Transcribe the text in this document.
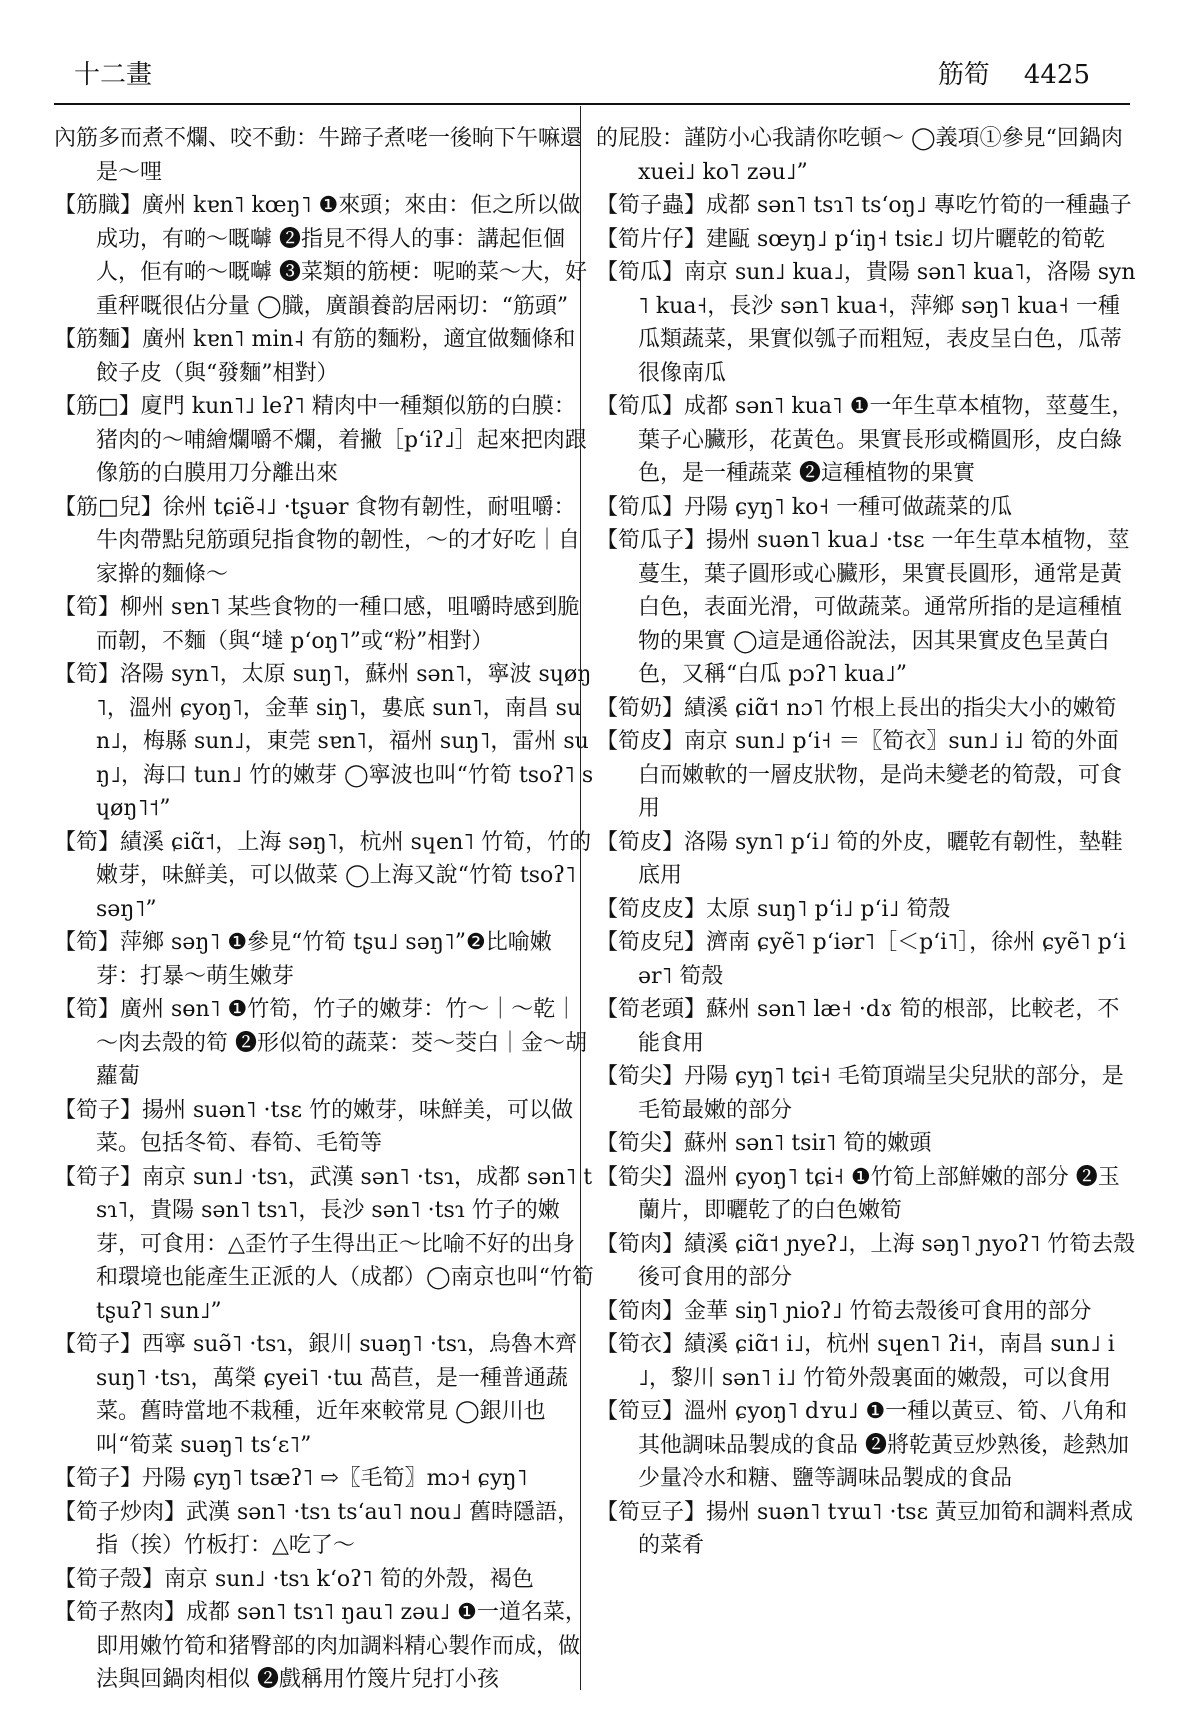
十二畫	筋筍 4425

內筋多而煮不爛、咬不動：牛蹄子煮咾一後晌下午嘛還是～哩

【筋膱】廣州 kɐn˥ kœŋ˥ ❶來頭；來由：佢之所以做成功，有啲～嘅嚹 ❷指見不得人的事：講起佢個人，佢有啲～嘅嚹 ❸菜類的筋梗：呢啲菜～大，好重秤嘅很佔分量 ◯膱，廣韻養韵居兩切：“筋頭”

【筋麵】廣州 kɐn˥ min˨ 有筋的麵粉，適宜做麵條和餃子皮（與“發麵”相對）

【筋□】廈門 kun˥˩ leʔ˥ 精肉中一種類似筋的白膜：猪肉的～哺繪爛嚼不爛，着撇［pʻiʔ˩］起來把肉跟像筋的白膜用刀分離出來

【筋□兒】徐州 tɕiẽ˨˩ ·tʂuər 食物有韌性，耐咀嚼：牛肉帶點兒筋頭兒指食物的韌性，～的才好吃｜自家擀的麵條～

【筍】柳州 sɐn˥ 某些食物的一種口感，咀嚼時感到脆而韌，不麵（與“墶 pʻoŋ˥”或“粉”相對）

【筍】洛陽 syn˥，太原 suŋ˥，蘇州 sən˥，寧波 sɥøŋ˥，溫州 ɕyoŋ˥，金華 siŋ˥，婁底 sun˥，南昌 sun˩，梅縣 sun˩，東莞 sɐn˥，福州 suŋ˥，雷州 suŋ˩，海口 tun˩ 竹的嫩芽 ◯寧波也叫“竹筍 tsoʔ˥ sɥøŋ˥˦”

【筍】績溪 ɕiɑ̃˦，上海 səŋ˥，杭州 sɥen˥ 竹筍，竹的嫩芽，味鮮美，可以做菜 ◯上海又說“竹筍 tsoʔ˥ səŋ˥”

【筍】萍鄉 səŋ˥ ❶參見“竹筍 tʂu˩ səŋ˥”❷比喻嫩芽：打暴～萌生嫩芽

【筍】廣州 sɵn˥ ❶竹筍，竹子的嫩芽：竹～｜～乾｜～肉去殼的筍 ❷形似筍的蔬菜：茭～茭白｜金～胡蘿蔔

【筍子】揚州 suən˥ ·tsɛ 竹的嫩芽，味鮮美，可以做菜。包括冬筍、春筍、毛筍等

【筍子】南京 sun˩ ·tsɿ，武漢 sən˥ ·tsɿ，成都 sən˥ tsɿ˥，貴陽 sən˥ tsɿ˥，長沙 sən˥ ·tsɿ 竹子的嫩芽，可食用：△歪竹子生得出正～比喻不好的出身和環境也能產生正派的人（成都）◯南京也叫“竹筍 tʂuʔ˥ sun˩”

【筍子】西寧 suə̃˥ ·tsɿ，銀川 suəŋ˥ ·tsɿ，烏魯木齊 suŋ˥ ·tsɿ，萬榮 ɕyei˥ ·tɯ 萵苣，是一種普通蔬菜。舊時當地不栽種，近年來較常見 ◯銀川也叫“筍菜 suəŋ˥ tsʻɛ˥”

【筍子】丹陽 ɕyŋ˥ tsæʔ˥ ⇨〖毛筍〗mɔ˧ ɕyŋ˥

【筍子炒肉】武漢 sən˥ ·tsɿ tsʻau˥ nou˩ 舊時隱語，指（挨）竹板打：△吃了～

【筍子殼】南京 sun˩ ·tsɿ kʻoʔ˥ 筍的外殼，褐色

【筍子熬肉】成都 sən˥ tsɿ˥ ŋau˥ zəu˩ ❶一道名菜，即用嫩竹筍和猪臀部的肉加調料精心製作而成，做法與回鍋肉相似 ❷戲稱用竹篾片兒打小孩

的屁股：謹防小心我請你吃頓～ ◯義項①參見“回鍋肉 xuei˩ ko˥ zəu˩”

【筍子蟲】成都 sən˥ tsɿ˥ tsʻoŋ˩ 專吃竹筍的一種蟲子

【筍片仔】建甌 sœyŋ˩ pʻiŋ˧ tsiɛ˩ 切片曬乾的筍乾

【筍瓜】南京 sun˩ kua˩，貴陽 sən˥ kua˥，洛陽 syn˥ kua˧，長沙 sən˥ kua˧，萍鄉 səŋ˥ kua˧ 一種瓜類蔬菜，果實似瓠子而粗短，表皮呈白色，瓜蒂很像南瓜

【筍瓜】成都 sən˥ kua˥ ❶一年生草本植物，莖蔓生，葉子心臟形，花黃色。果實長形或橢圓形，皮白綠色，是一種蔬菜 ❷這種植物的果實

【筍瓜】丹陽 ɕyŋ˥ ko˧ 一種可做蔬菜的瓜

【筍瓜子】揚州 suən˥ kua˩ ·tsɛ 一年生草本植物，莖蔓生，葉子圓形或心臟形，果實長圓形，通常是黃白色，表面光滑，可做蔬菜。通常所指的是這種植物的果實 ◯這是通俗說法，因其果實皮色呈黃白色，又稱“白瓜 pɔʔ˥ kua˩”

【筍奶】績溪 ɕiɑ̃˦ nɔ˥ 竹根上長出的指尖大小的嫩筍

【筍皮】南京 sun˩ pʻi˧ ＝〖筍衣〗sun˩ i˩ 筍的外面白而嫩軟的一層皮狀物，是尚未變老的筍殼，可食用

【筍皮】洛陽 syn˥ pʻi˩ 筍的外皮，曬乾有韌性，墊鞋底用

【筍皮皮】太原 suŋ˥ pʻi˩ pʻi˩ 筍殼

【筍皮兒】濟南 ɕyẽ˥ pʻiər˥［＜pʻi˥］，徐州 ɕyẽ˥ pʻiər˥ 筍殼

【筍老頭】蘇州 sən˥ læ˧ ·dɤ 筍的根部，比較老，不能食用

【筍尖】丹陽 ɕyŋ˥ tɕi˧ 毛筍頂端呈尖兒狀的部分，是毛筍最嫩的部分

【筍尖】蘇州 sən˥ tsiɪ˥ 筍的嫩頭

【筍尖】溫州 ɕyoŋ˥ tɕi˧ ❶竹筍上部鮮嫩的部分 ❷玉蘭片，即曬乾了的白色嫩筍

【筍肉】績溪 ɕiɑ̃˦ ɲyeʔ˩，上海 səŋ˥ ɲyoʔ˥ 竹筍去殼後可食用的部分

【筍肉】金華 siŋ˥ ɲioʔ˩ 竹筍去殼後可食用的部分

【筍衣】績溪 ɕiɑ̃˦ i˩，杭州 sɥen˥ ʔi˧，南昌 sun˩ i˩，黎川 sən˥ i˩ 竹筍外殼裏面的嫩殼，可以食用

【筍豆】溫州 ɕyoŋ˥ dʏu˩ ❶一種以黃豆、筍、八角和其他調味品製成的食品 ❷將乾黃豆炒熟後，趁熱加少量冷水和糖、鹽等調味品製成的食品

【筍豆子】揚州 suən˥ tʏɯ˥ ·tsɛ 黃豆加筍和調料煮成的菜肴
